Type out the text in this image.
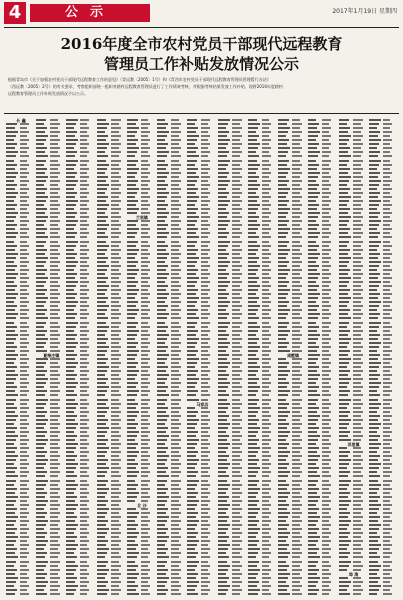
4	公示	2017年1月19日 星期四
2016年度全市农村党员干部现代远程教育
管理员工作补贴发放情况公示
根据青岛市《关于加强农村党员干部现代远程教育工作的意见》（青远教〔2005〕1号）和《青西市农村党员干部现代远程教育管理员管理暂行办法》
（西远教〔2005〕2号）的有关要求，考察组织部统一组织对辖村远程教育管理员进行了工作绩效考核，并根据考核结果发放工作补贴。现将2016年度辖村
远程教育管理员工作补贴发放情况予以公示。
长 鑫
夏格庄镇
兰底镇
北 沙
马家店
南墅镇
洋里镇
埠 湾
